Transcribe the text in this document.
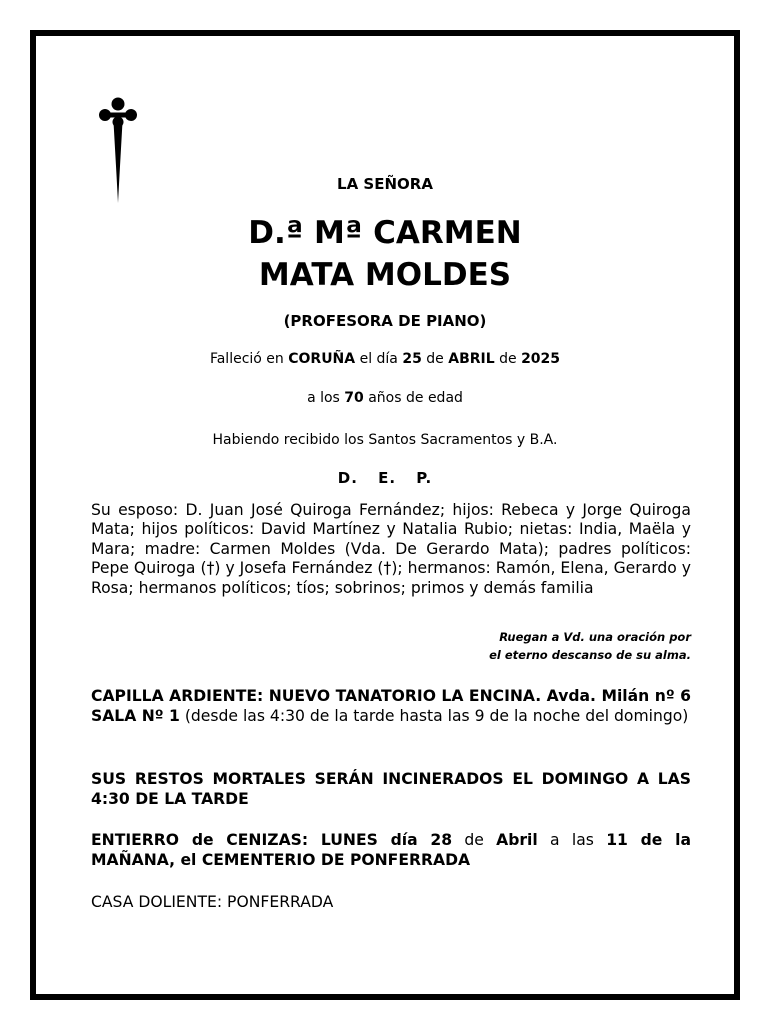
LA SEÑORA
D.ª Mª CARMEN
MATA MOLDES
(PROFESORA DE PIANO)
Falleció en CORUÑA el día 25 de ABRIL de 2025
a los 70 años de edad
Habiendo recibido los Santos Sacramentos y B.A.
D. E. P.
Su esposo: D. Juan José Quiroga Fernández; hijos: Rebeca y Jorge Quiroga Mata; hijos políticos: David Martínez y Natalia Rubio; nietas: India, Maëla y Mara; madre: Carmen Moldes (Vda. De Gerardo Mata); padres políticos: Pepe Quiroga (†) y Josefa Fernández (†); hermanos: Ramón, Elena, Gerardo y Rosa; hermanos políticos; tíos; sobrinos; primos y demás familia
Ruegan a Vd. una oración por
el eterno descanso de su alma.
CAPILLA ARDIENTE: NUEVO TANATORIO LA ENCINA. Avda. Milán nº 6 SALA Nº 1 (desde las 4:30 de la tarde hasta las 9 de la noche del domingo)
SUS RESTOS MORTALES SERÁN INCINERADOS EL DOMINGO A LAS 4:30 DE LA TARDE
ENTIERRO de CENIZAS: LUNES día 28 de Abril a las 11 de la MAÑANA, el CEMENTERIO DE PONFERRADA
CASA DOLIENTE: PONFERRADA
